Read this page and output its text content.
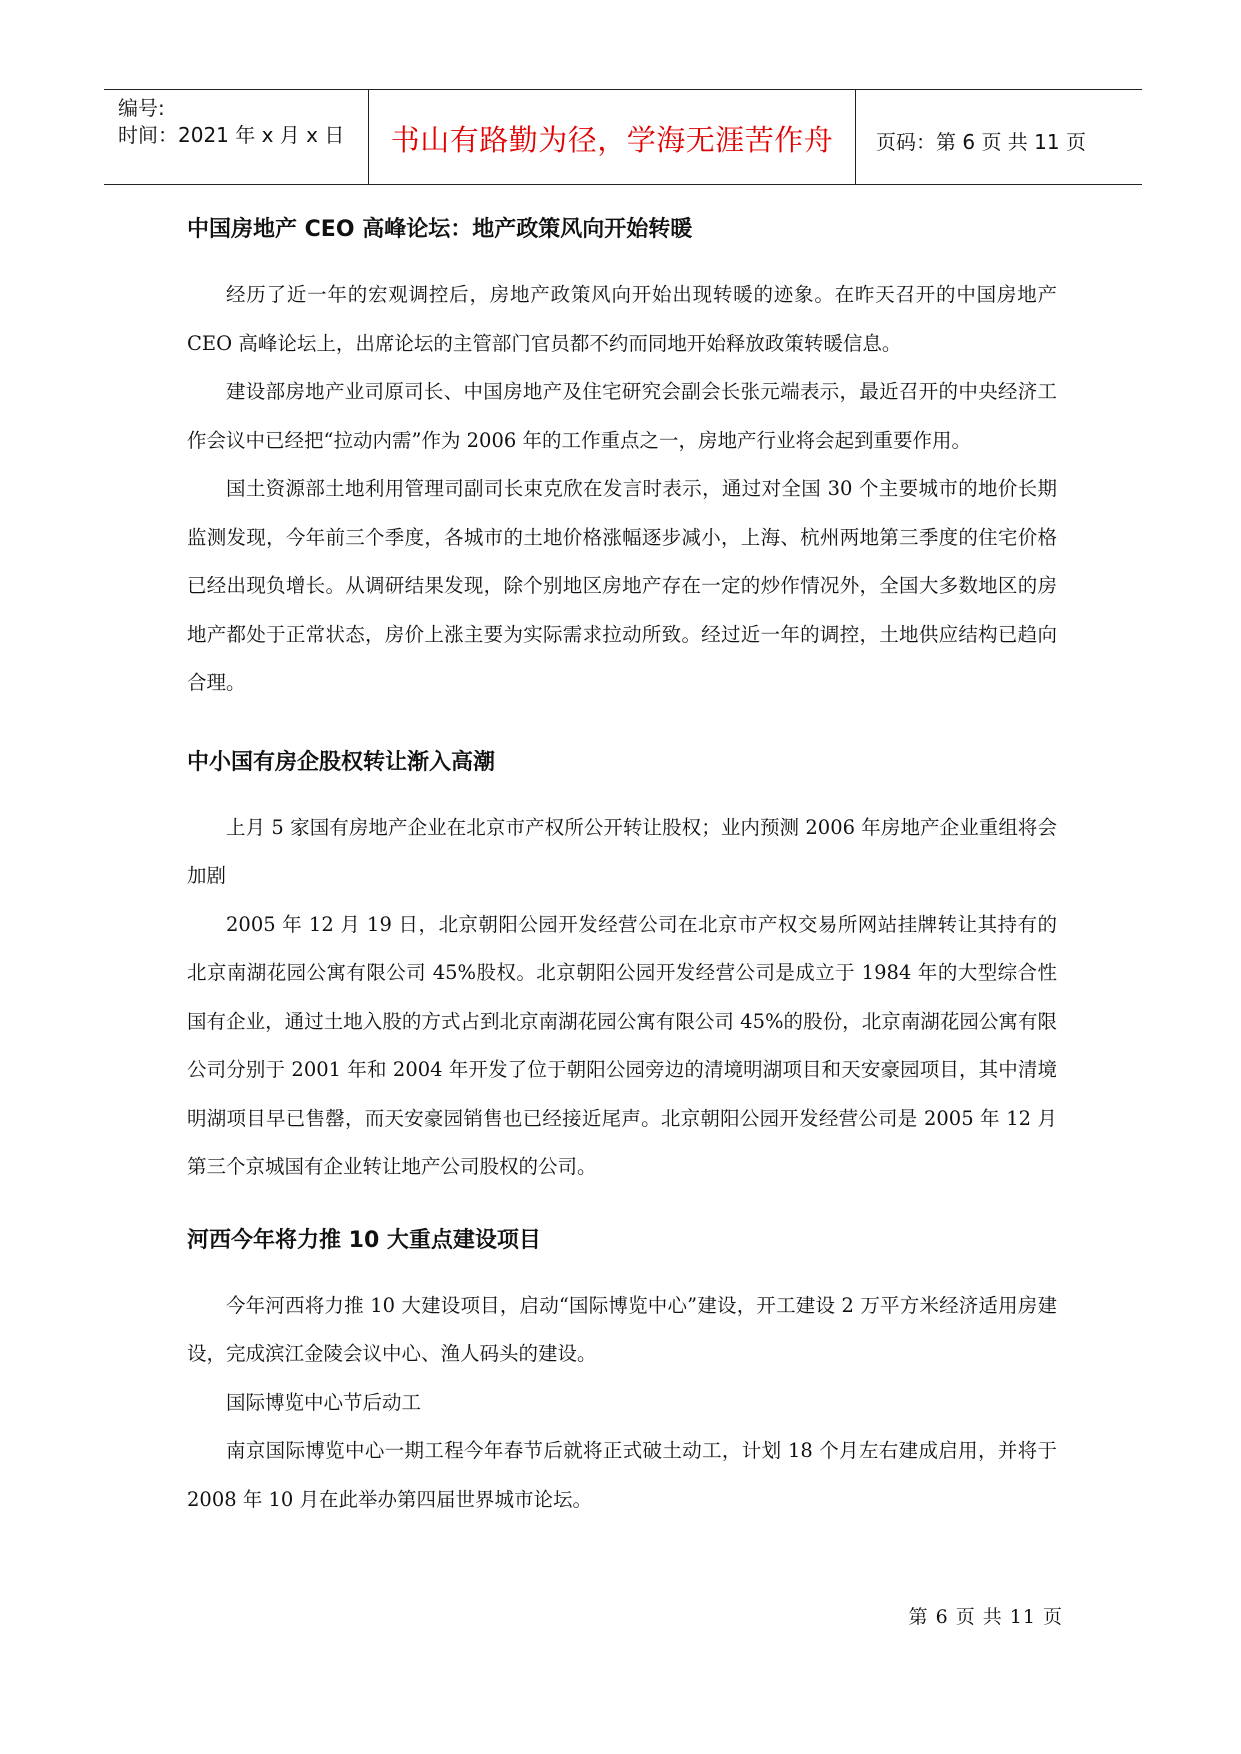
编号:
时间：2021 年 x 月 x 日	书山有路勤为径，学海无涯苦作舟	页码：第 6 页 共 11 页
中国房地产 CEO 高峰论坛：地产政策风向开始转暖

经历了近一年的宏观调控后，房地产政策风向开始出现转暖的迹象。在昨天召开的中国房地产 CEO 高峰论坛上，出席论坛的主管部门官员都不约而同地开始释放政策转暖信息。

建设部房地产业司原司长、中国房地产及住宅研究会副会长张元端表示，最近召开的中央经济工作会议中已经把“拉动内需”作为 2006 年的工作重点之一，房地产行业将会起到重要作用。

国土资源部土地利用管理司副司长束克欣在发言时表示，通过对全国 30 个主要城市的地价长期监测发现，今年前三个季度，各城市的土地价格涨幅逐步减小，上海、杭州两地第三季度的住宅价格已经出现负增长。从调研结果发现，除个别地区房地产存在一定的炒作情况外，全国大多数地区的房地产都处于正常状态，房价上涨主要为实际需求拉动所致。经过近一年的调控，土地供应结构已趋向合理。

中小国有房企股权转让渐入高潮

上月 5 家国有房地产企业在北京市产权所公开转让股权；业内预测 2006 年房地产企业重组将会加剧

2005 年 12 月 19 日，北京朝阳公园开发经营公司在北京市产权交易所网站挂牌转让其持有的北京南湖花园公寓有限公司 45%股权。北京朝阳公园开发经营公司是成立于 1984 年的大型综合性国有企业，通过土地入股的方式占到北京南湖花园公寓有限公司 45%的股份，北京南湖花园公寓有限公司分别于 2001 年和 2004 年开发了位于朝阳公园旁边的清境明湖项目和天安豪园项目，其中清境明湖项目早已售罄，而天安豪园销售也已经接近尾声。北京朝阳公园开发经营公司是 2005 年 12 月第三个京城国有企业转让地产公司股权的公司。

河西今年将力推 10 大重点建设项目

今年河西将力推 10 大建设项目，启动“国际博览中心”建设，开工建设 2 万平方米经济适用房建设，完成滨江金陵会议中心、渔人码头的建设。

国际博览中心节后动工

南京国际博览中心一期工程今年春节后就将正式破土动工，计划 18 个月左右建成启用，并将于 2008 年 10 月在此举办第四届世界城市论坛。

第 6 页 共 11 页
